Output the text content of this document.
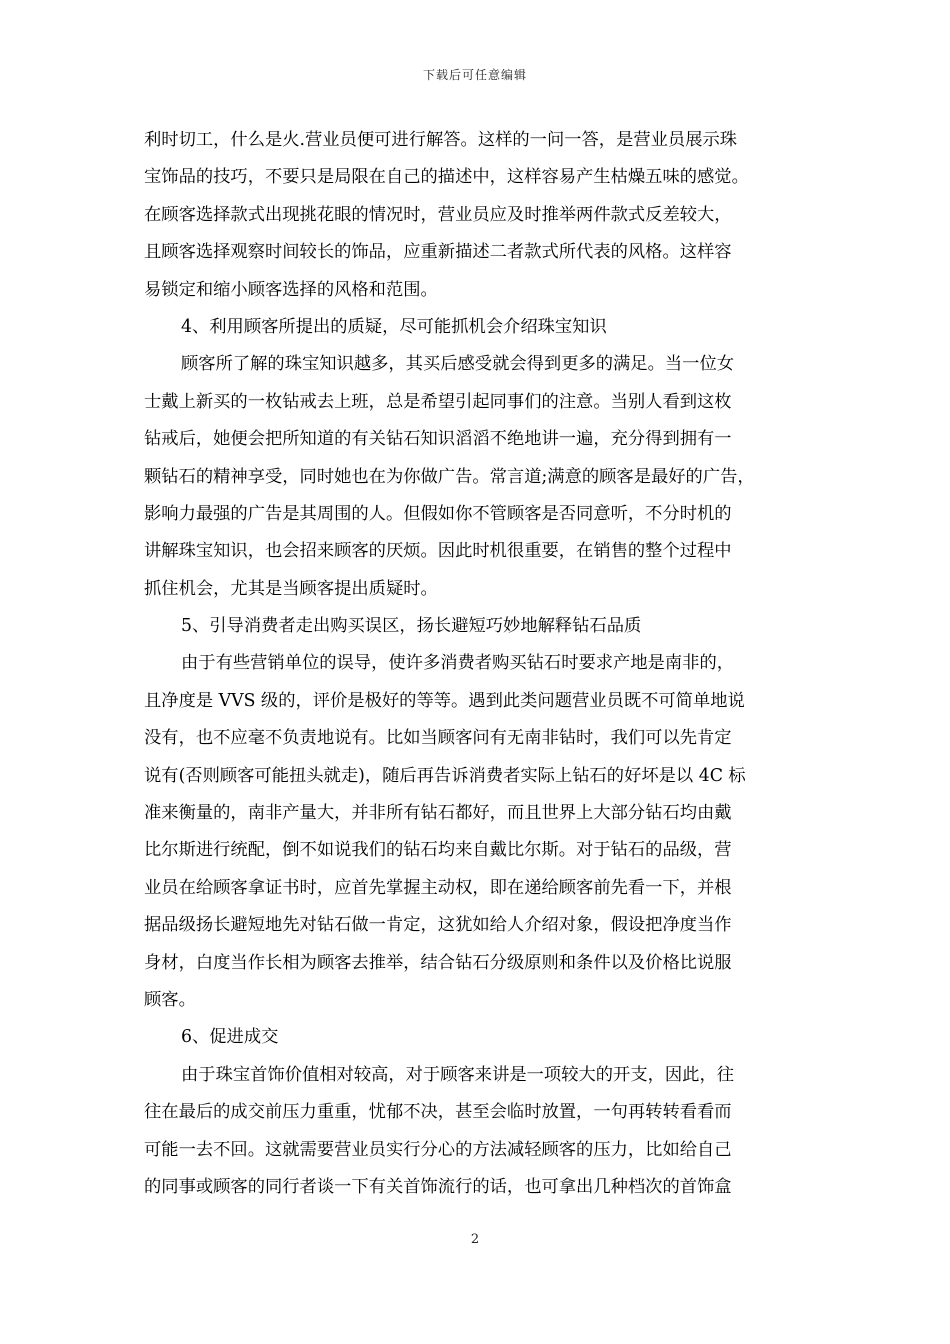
下载后可任意编辑
利时切工，什么是火.营业员便可进行解答。这样的一问一答，是营业员展示珠
宝饰品的技巧，不要只是局限在自己的描述中，这样容易产生枯燥五味的感觉。
在顾客选择款式出现挑花眼的情况时，营业员应及时推举两件款式反差较大，
且顾客选择观察时间较长的饰品，应重新描述二者款式所代表的风格。这样容
易锁定和缩小顾客选择的风格和范围。
4、利用顾客所提出的质疑，尽可能抓机会介绍珠宝知识
顾客所了解的珠宝知识越多，其买后感受就会得到更多的满足。当一位女
士戴上新买的一枚钻戒去上班，总是希望引起同事们的注意。当别人看到这枚
钻戒后，她便会把所知道的有关钻石知识滔滔不绝地讲一遍，充分得到拥有一
颗钻石的精神享受，同时她也在为你做广告。常言道;满意的顾客是最好的广告，
影响力最强的广告是其周围的人。但假如你不管顾客是否同意听，不分时机的
讲解珠宝知识，也会招来顾客的厌烦。因此时机很重要，在销售的整个过程中
抓住机会，尤其是当顾客提出质疑时。
5、引导消费者走出购买误区，扬长避短巧妙地解释钻石品质
由于有些营销单位的误导，使许多消费者购买钻石时要求产地是南非的，
且净度是 VVS 级的，评价是极好的等等。遇到此类问题营业员既不可简单地说
没有，也不应毫不负责地说有。比如当顾客问有无南非钻时，我们可以先肯定
说有(否则顾客可能扭头就走)，随后再告诉消费者实际上钻石的好坏是以 4C 标
准来衡量的，南非产量大，并非所有钻石都好，而且世界上大部分钻石均由戴
比尔斯进行统配，倒不如说我们的钻石均来自戴比尔斯。对于钻石的品级，营
业员在给顾客拿证书时，应首先掌握主动权，即在递给顾客前先看一下，并根
据品级扬长避短地先对钻石做一肯定，这犹如给人介绍对象，假设把净度当作
身材，白度当作长相为顾客去推举，结合钻石分级原则和条件以及价格比说服
顾客。
6、促进成交
由于珠宝首饰价值相对较高，对于顾客来讲是一项较大的开支，因此，往
往在最后的成交前压力重重，忧郁不决，甚至会临时放置，一句再转转看看而
可能一去不回。这就需要营业员实行分心的方法减轻顾客的压力，比如给自己
的同事或顾客的同行者谈一下有关首饰流行的话，也可拿出几种档次的首饰盒
2
